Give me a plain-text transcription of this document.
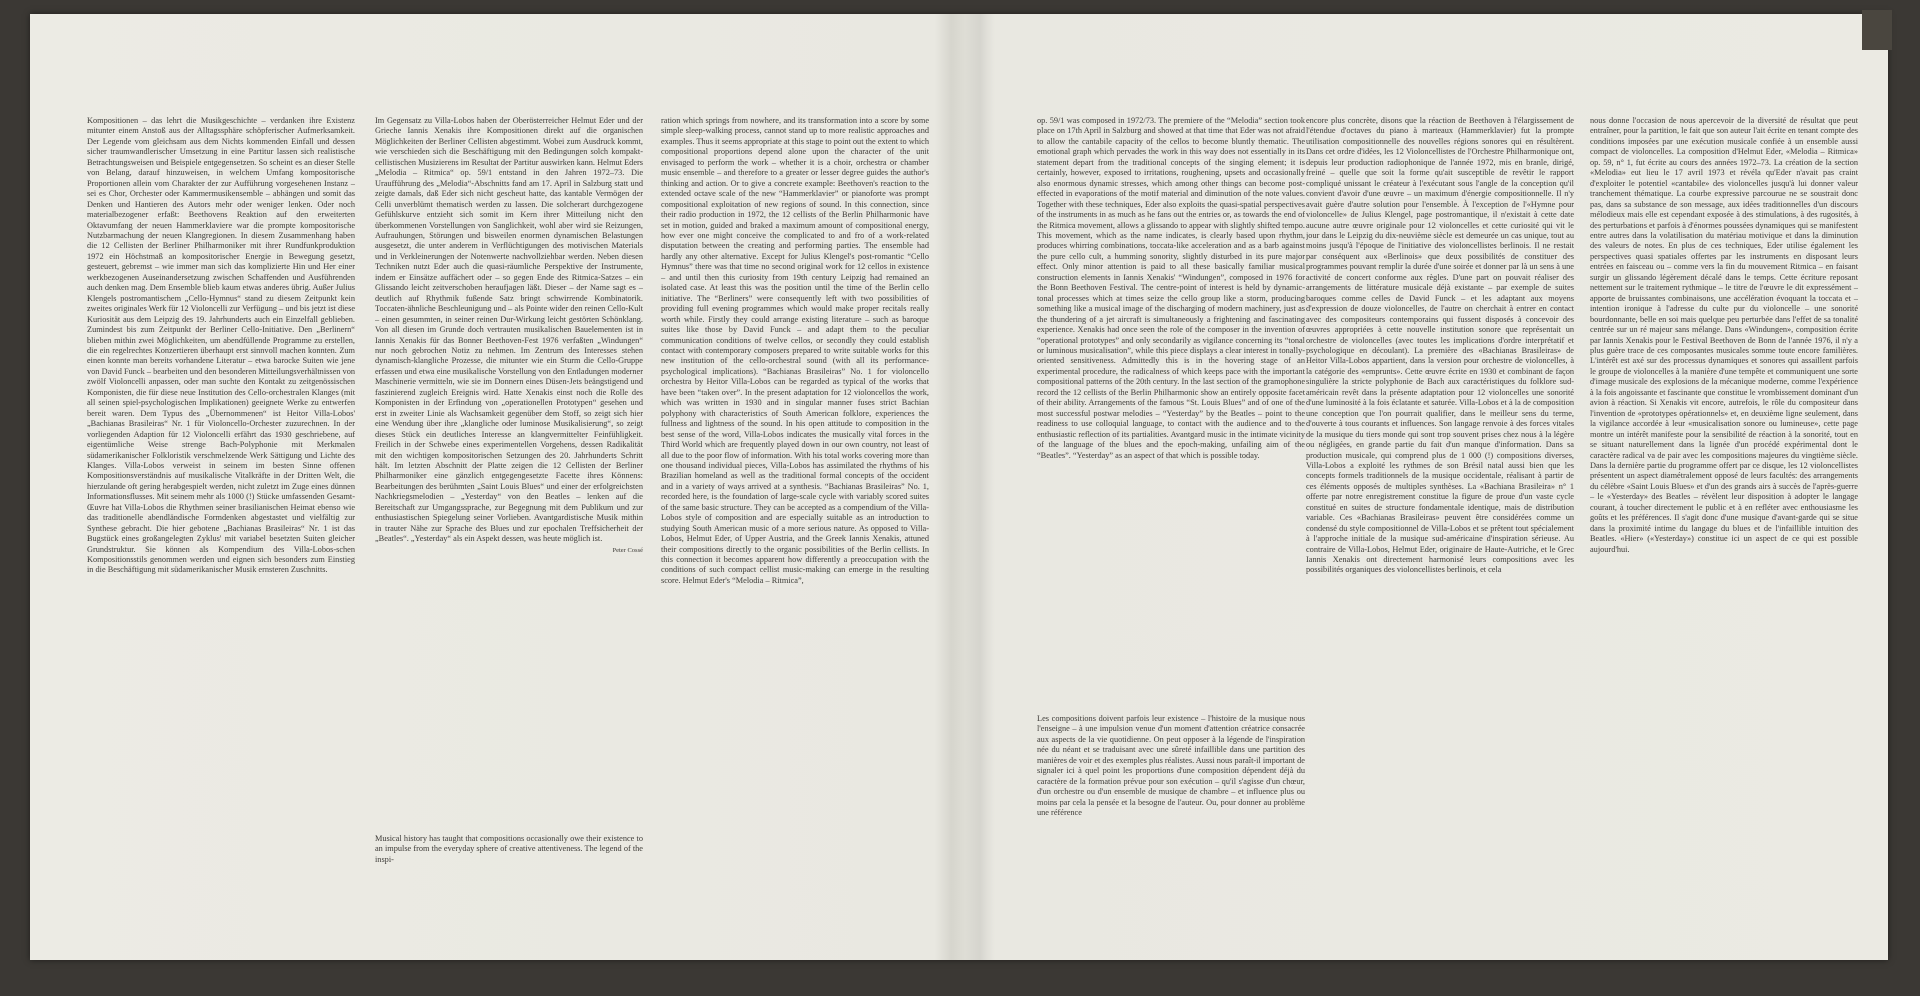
Kompositionen – das lehrt die Musikgeschichte – verdanken ihre Existenz mitunter einem Anstoß aus der Alltagssphäre schöpferischer Aufmerksamkeit. Der Legende vom gleichsam aus dem Nichts kommenden Einfall und dessen sicher traumwandlerischer Umsetzung in eine Partitur lassen sich realistische Betrachtungsweisen und Beispiele entgegensetzen. So scheint es an dieser Stelle von Belang, darauf hinzuweisen, in welchem Umfang kompositorische Proportionen allein vom Charakter der zur Aufführung vorgesehenen Instanz – sei es Chor, Orchester oder Kammermusikensemble – abhängen und somit das Denken und Hantieren des Autors mehr oder weniger lenken. Oder noch materialbezogener erfaßt: Beethovens Reaktion auf den erweiterten Oktavumfang der neuen Hammerklaviere war die prompte kompositorische Nutzbarmachung der neuen Klangregionen. In diesem Zusammenhang haben die 12 Cellisten der Berliner Philharmoniker mit ihrer Rundfunkproduktion 1972 ein Höchstmaß an kompositorischer Energie in Bewegung gesetzt, gesteuert, gebremst – wie immer man sich das komplizierte Hin und Her einer werkbezogenen Auseinandersetzung zwischen Schaffenden und Ausführenden auch denken mag. Dem Ensemble blieb kaum etwas anderes übrig. Außer Julius Klengels postromantischem „Cello-Hymnus“ stand zu diesem Zeitpunkt kein zweites originales Werk für 12 Violoncelli zur Verfügung – und bis jetzt ist diese Kuriosität aus dem Leipzig des 19. Jahrhunderts auch ein Einzelfall geblieben. Zumindest bis zum Zeitpunkt der Berliner Cello-Initiative. Den „Berlinern“ blieben mithin zwei Möglichkeiten, um abendfüllende Programme zu erstellen, die ein regelrechtes Konzertieren überhaupt erst sinnvoll machen konnten. Zum einen konnte man bereits vorhandene Literatur – etwa barocke Suiten wie jene von David Funck – bearbeiten und den besonderen Mitteilungsverhältnissen von zwölf Violoncelli anpassen, oder man suchte den Kontakt zu zeitgenössischen Komponisten, die für diese neue Institution des Cello-orchestralen Klanges (mit all seinen spiel-psychologischen Implikationen) geeignete Werke zu entwerfen bereit waren. Dem Typus des „Übernommenen“ ist Heitor Villa-Lobos' „Bachianas Brasileiras“ Nr. 1 für Violoncello-Orchester zuzurechnen. In der vorliegenden Adaption für 12 Violoncelli erfährt das 1930 geschriebene, auf eigentümliche Weise strenge Bach-Polyphonie mit Merkmalen südamerikanischer Folkloristik verschmelzende Werk Sättigung und Lichte des Klanges. Villa-Lobos verweist in seinem im besten Sinne offenen Kompositionsverständnis auf musikalische Vitalkräfte in der Dritten Welt, die hierzulande oft gering herabgespielt werden, nicht zuletzt im Zuge eines dünnen Informationsflusses. Mit seinem mehr als 1000 (!) Stücke umfassenden Gesamt-Œuvre hat Villa-Lobos die Rhythmen seiner brasilianischen Heimat ebenso wie das traditionelle abendländische Formdenken abgestastet und vielfältig zur Synthese gebracht. Die hier gebotene „Bachianas Brasileiras“ Nr. 1 ist das Bugstück eines großangelegten Zyklus' mit variabel besetzten Suiten gleicher Grundstruktur. Sie können als Kompendium des Villa-Lobos-schen Kompositionsstils genommen werden und eignen sich besonders zum Einstieg in die Beschäftigung mit südamerikanischer Musik ernsteren Zuschnitts.

Im Gegensatz zu Villa-Lobos haben der Oberösterreicher Helmut Eder und der Grieche Iannis Xenakis ihre Kompositionen direkt auf die organischen Möglichkeiten der Berliner Cellisten abgestimmt. Wobei zum Ausdruck kommt, wie verschieden sich die Beschäftigung mit den Bedingungen solch kompakt-cellistischen Musizierens im Resultat der Partitur auswirken kann. Helmut Eders „Melodia – Ritmica“ op. 59/1 entstand in den Jahren 1972–73. Die Uraufführung des „Melodia“-Abschnitts fand am 17. April in Salzburg statt und zeigte damals, daß Eder sich nicht gescheut hatte, das kantable Vermögen der Celli unverblümt thematisch werden zu lassen. Die solcherart durchgezogene Gefühlskurve entzieht sich somit im Kern ihrer Mitteilung nicht den überkommenen Vorstellungen von Sanglichkeit, wohl aber wird sie Reizungen, Aufrauhungen, Störungen und bisweilen enormen dynamischen Belastungen ausgesetzt, die unter anderem in Verflüchtigungen des motivischen Materials und in Verkleinerungen der Notenwerte nachvollziehbar werden. Neben diesen Techniken nutzt Eder auch die quasi-räumliche Perspektive der Instrumente, indem er Einsätze auffächert oder – so gegen Ende des Ritmica-Satzes – ein Glissando leicht zeitverschoben heraufjagen läßt. Dieser – der Name sagt es – deutlich auf Rhythmik fußende Satz bringt schwirrende Kombinatorik. Toccaten-ähnliche Beschleunigung und – als Pointe wider den reinen Cello-Kult – einen gesummten, in seiner reinen Dur-Wirkung leicht gestörten Schönklang. Von all diesen im Grunde doch vertrauten musikalischen Bauelementen ist in Iannis Xenakis für das Bonner Beethoven-Fest 1976 verfaßten „Windungen“ nur noch gebrochen Notiz zu nehmen. Im Zentrum des Interesses stehen dynamisch-klangliche Prozesse, die mitunter wie ein Sturm die Cello-Gruppe erfassen und etwa eine musikalische Vorstellung von den Entladungen moderner Maschinerie vermitteln, wie sie im Donnern eines Düsen-Jets beängstigend und faszinierend zugleich Ereignis wird. Hatte Xenakis einst noch die Rolle des Komponisten in der Erfindung von „operationellen Prototypen“ gesehen und erst in zweiter Linie als Wachsamkeit gegenüber dem Stoff, so zeigt sich hier eine Wendung über ihre „klangliche oder luminose Musikalisierung“, so zeigt dieses Stück ein deutliches Interesse an klangvermittelter Feinfühligkeit. Freilich in der Schwebe eines experimentellen Vorgehens, dessen Radikalität mit den wichtigen kompositorischen Setzungen des 20. Jahrhunderts Schritt hält. Im letzten Abschnitt der Platte zeigen die 12 Cellisten der Berliner Philharmoniker eine gänzlich entgegengesetzte Facette ihres Könnens: Bearbeitungen des berühmten „Saint Louis Blues“ und einer der erfolgreichsten Nachkriegsmelodien – „Yesterday“ von den Beatles – lenken auf die Bereitschaft zur Umgangssprache, zur Begegnung mit dem Publikum und zur enthusiastischen Spiegelung seiner Vorlieben. Avantgardistische Musik mithin in trauter Nähe zur Sprache des Blues und zur epochalen Treffsicherheit der „Beatles“. „Yesterday“ als ein Aspekt dessen, was heute möglich ist.

Peter Cossé

Musical history has taught that compositions occasionally owe their existence to an impulse from the everyday sphere of creative attentiveness. The legend of the inspi-

ration which springs from nowhere, and its transformation into a score by some simple sleep-walking process, cannot stand up to more realistic approaches and examples. Thus it seems appropriate at this stage to point out the extent to which compositional proportions depend alone upon the character of the unit envisaged to perform the work – whether it is a choir, orchestra or chamber music ensemble – and therefore to a greater or lesser degree guides the author's thinking and action. Or to give a concrete example: Beethoven's reaction to the extended octave scale of the new “Hammerklavier” or pianoforte was prompt compositional exploitation of new regions of sound. In this connection, since their radio production in 1972, the 12 cellists of the Berlin Philharmonic have set in motion, guided and braked a maximum amount of compositional energy, how ever one might conceive the complicated to and fro of a work-related disputation between the creating and performing parties. The ensemble had hardly any other alternative. Except for Julius Klengel's post-romantic “Cello Hymnus” there was that time no second original work for 12 cellos in existence – and until then this curiosity from 19th century Leipzig had remained an isolated case. At least this was the position until the time of the Berlin cello initiative. The “Berliners” were consequently left with two possibilities of providing full evening programmes which would make proper recitals really worth while. Firstly they could arrange existing literature – such as baroque suites like those by David Funck – and adapt them to the peculiar communication conditions of twelve cellos, or secondly they could establish contact with contemporary composers prepared to write suitable works for this new institution of the cello-orchestral sound (with all its performance-psychological implications). “Bachianas Brasileiras” No. 1 for violoncello orchestra by Heitor Villa-Lobos can be regarded as typical of the works that have been “taken over”. In the present adaptation for 12 violoncellos the work, which was written in 1930 and in singular manner fuses strict Bachian polyphony with characteristics of South American folklore, experiences the fullness and lightness of the sound. In his open attitude to composition in the best sense of the word, Villa-Lobos indicates the musically vital forces in the Third World which are frequently played down in our own country, not least of all due to the poor flow of information. With his total works covering more than one thousand individual pieces, Villa-Lobos has assimilated the rhythms of his Brazilian homeland as well as the traditional formal concepts of the occident and in a variety of ways arrived at a synthesis. “Bachianas Brasileiras” No. 1, recorded here, is the foundation of large-scale cycle with variably scored suites of the same basic structure. They can be accepted as a compendium of the Villa-Lobos style of composition and are especially suitable as an introduction to studying South American music of a more serious nature. As opposed to Villa-Lobos, Helmut Eder, of Upper Austria, and the Greek Iannis Xenakis, attuned their compositions directly to the organic possibilities of the Berlin cellists. In this connection it becomes apparent how differently a preoccupation with the conditions of such compact cellist music-making can emerge in the resulting score. Helmut Eder's “Melodia – Ritmica”,

op. 59/1 was composed in 1972/73. The premiere of the “Melodia” section took place on 17th April in Salzburg and showed at that time that Eder was not afraid to allow the cantabile capacity of the cellos to become bluntly thematic. The emotional graph which pervades the work in this way does not essentially in its statement depart from the traditional concepts of the singing element; it is certainly, however, exposed to irritations, roughening, upsets and occasionally also enormous dynamic stresses, which among other things can become post-effected in evaporations of the motif material and diminution of the note values. Together with these techniques, Eder also exploits the quasi-spatial perspectives of the instruments in as much as he fans out the entries or, as towards the end of the Ritmica movement, allows a glissando to appear with slightly shifted tempo. This movement, which as the name indicates, is clearly based upon rhythm, produces whirring combinations, toccata-like acceleration and as a barb against the pure cello cult, a humming sonority, slightly disturbed in its pure major effect. Only minor attention is paid to all these basically familiar musical construction elements in Iannis Xenakis' “Windungen”, composed in 1976 for the Bonn Beethoven Festival. The centre-point of interest is held by dynamic-tonal processes which at times seize the cello group like a storm, producing something like a musical image of the discharging of modern machinery, just as the thundering of a jet aircraft is simultaneously a frightening and fascinating experience. Xenakis had once seen the role of the composer in the invention of “operational prototypes” and only secondarily as vigilance concerning its “tonal or luminous musicalisation”, while this piece displays a clear interest in tonally-oriented sensitiveness. Admittedly this is in the hovering stage of an experimental procedure, the radicalness of which keeps pace with the important compositional patterns of the 20th century. In the last section of the gramophone record the 12 cellists of the Berlin Philharmonic show an entirely opposite facet of their ability. Arrangements of the famous “St. Louis Blues” and of one of the most successful postwar melodies – “Yesterday” by the Beatles – point to the readiness to use colloquial language, to contact with the audience and to the enthusiastic reflection of its partialities. Avantgard music in the intimate vicinity of the language of the blues and the epoch-making, unfailing aim of the “Beatles”. “Yesterday” as an aspect of that which is possible today.

Les compositions doivent parfois leur existence – l'histoire de la musique nous l'enseigne – à une impulsion venue d'un moment d'attention créatrice consacrée aux aspects de la vie quotidienne. On peut opposer à la légende de l'inspiration née du néant et se traduisant avec une sûreté infaillible dans une partition des manières de voir et des exemples plus réalistes. Aussi nous paraît-il important de signaler ici à quel point les proportions d'une composition dépendent déjà du caractère de la formation prévue pour son exécution – qu'il s'agisse d'un chœur, d'un orchestre ou d'un ensemble de musique de chambre – et influence plus ou moins par cela la pensée et la besogne de l'auteur. Ou, pour donner au problème une référence

encore plus concrète, disons que la réaction de Beethoven à l'élargissement de l'étendue d'octaves du piano à marteaux (Hammerklavier) fut la prompte utilisation compositionnelle des nouvelles régions sonores qui en résultèrent. Dans cet ordre d'idées, les 12 Violoncellistes de l'Orchestre Philharmonique ont, depuis leur production radiophonique de l'année 1972, mis en branle, dirigé, freiné – quelle que soit la forme qu'ait susceptible de revêtir le rapport compliqué unissant le créateur à l'exécutant sous l'angle de la conception qu'il convient d'avoir d'une œuvre – un maximum d'énergie compositionnelle. Il n'y avait guère d'autre solution pour l'ensemble. À l'exception de l'«Hymne pour violoncelle» de Julius Klengel, page postromantique, il n'existait à cette date aucune autre œuvre originale pour 12 violoncelles et cette curiosité qui vit le jour dans le Leipzig du dix-neuvième siècle est demeurée un cas unique, tout au moins jusqu'à l'époque de l'initiative des violoncellistes berlinois. Il ne restait par conséquent aux «Berlinois» que deux possibilités de constituer des programmes pouvant remplir la durée d'une soirée et donner par là un sens à une activité de concert conforme aux règles. D'une part on pouvait réaliser des arrangements de littérature musicale déjà existante – par exemple de suites baroques comme celles de David Funck – et les adaptant aux moyens d'expression de douze violoncelles, de l'autre on cherchait à entrer en contact avec des compositeurs contemporains qui fussent disposés à concevoir des œuvres appropriées à cette nouvelle institution sonore que représentait un orchestre de violoncelles (avec toutes les implications d'ordre interprétatif et psychologique en découlant). La première des «Bachianas Brasileiras» de Heitor Villa-Lobos appartient, dans la version pour orchestre de violoncelles, à la catégorie des «emprunts». Cette œuvre écrite en 1930 et combinant de façon singulière la stricte polyphonie de Bach aux caractéristiques du folklore sud-américain revêt dans la présente adaptation pour 12 violoncelles une sonorité d'une luminosité à la fois éclatante et saturée. Villa-Lobos et à la de composition une conception que l'on pourrait qualifier, dans le meilleur sens du terme, d'ouverte à tous courants et influences. Son langage renvoie à des forces vitales de la musique du tiers monde qui sont trop souvent prises chez nous à la légère ou négligées, en grande partie du fait d'un manque d'information. Dans sa production musicale, qui comprend plus de 1 000 (!) compositions diverses, Villa-Lobos a exploité les rythmes de son Brésil natal aussi bien que les concepts formels traditionnels de la musique occidentale, réalisant à partir de ces éléments opposés de multiples synthèses. La «Bachiana Brasileira» n° 1 offerte par notre enregistrement constitue la figure de proue d'un vaste cycle constitué en suites de structure fondamentale identique, mais de distribution variable. Ces «Bachianas Brasileiras» peuvent être considérées comme un condensé du style compositionnel de Villa-Lobos et se prêtent tout spécialement à l'approche initiale de la musique sud-américaine d'inspiration sérieuse. Au contraire de Villa-Lobos, Helmut Eder, originaire de Haute-Autriche, et le Grec Iannis Xenakis ont directement harmonisé leurs compositions avec les possibilités organiques des violoncellistes berlinois, et cela

nous donne l'occasion de nous apercevoir de la diversité de résultat que peut entraîner, pour la partition, le fait que son auteur l'ait écrite en tenant compte des conditions imposées par une exécution musicale confiée à un ensemble aussi compact de violoncelles. La composition d'Helmut Eder, «Melodia – Ritmica» op. 59, n° 1, fut écrite au cours des années 1972–73. La création de la section «Melodia» eut lieu le 17 avril 1973 et révéla qu'Eder n'avait pas craint d'exploiter le potentiel «cantabile» des violoncelles jusqu'à lui donner valeur tranchement thématique. La courbe expressive parcourue ne se soustrait donc pas, dans sa substance de son message, aux idées traditionnelles d'un discours mélodieux mais elle est cependant exposée à des stimulations, à des rugosités, à des perturbations et parfois à d'énormes poussées dynamiques qui se manifestent entre autres dans la volatilisation du matériau motivique et dans la diminution des valeurs de notes. En plus de ces techniques, Eder utilise également les perspectives quasi spatiales offertes par les instruments en disposant leurs entrées en faisceau ou – comme vers la fin du mouvement Ritmica – en faisant surgir un glissando légèrement décalé dans le temps. Cette écriture reposant nettement sur le traitement rythmique – le titre de l'œuvre le dit expressément – apporte de bruissantes combinaisons, une accélération évoquant la toccata et – intention ironique à l'adresse du culte pur du violoncelle – une sonorité bourdonnante, belle en soi mais quelque peu perturbée dans l'effet de sa tonalité centrée sur un ré majeur sans mélange. Dans «Windungen», composition écrite par Iannis Xenakis pour le Festival Beethoven de Bonn de l'année 1976, il n'y a plus guère trace de ces composantes musicales somme toute encore familières. L'intérêt est axé sur des processus dynamiques et sonores qui assaillent parfois le groupe de violoncelles à la manière d'une tempête et communiquent une sorte d'image musicale des explosions de la mécanique moderne, comme l'expérience à la fois angoissante et fascinante que constitue le vrombissement dominant d'un avion à réaction. Si Xenakis vit encore, autrefois, le rôle du compositeur dans l'invention de «prototypes opérationnels» et, en deuxième ligne seulement, dans la vigilance accordée à leur «musicalisation sonore ou lumineuse», cette page montre un intérêt manifeste pour la sensibilité de réaction à la sonorité, tout en se situant naturellement dans la lignée d'un procédé expérimental dont le caractère radical va de pair avec les compositions majeures du vingtième siècle. Dans la dernière partie du programme offert par ce disque, les 12 violoncellistes présentent un aspect diamétralement opposé de leurs facultés: des arrangements du célèbre «Saint Louis Blues» et d'un des grands airs à succès de l'après-guerre – le «Yesterday» des Beatles – révèlent leur disposition à adopter le langage courant, à toucher directement le public et à en refléter avec enthousiasme les goûts et les préférences. Il s'agit donc d'une musique d'avant-garde qui se situe dans la proximité intime du langage du blues et de l'infaillible intuition des Beatles. «Hier» («Yesterday») constitue ici un aspect de ce qui est possible aujourd'hui.
